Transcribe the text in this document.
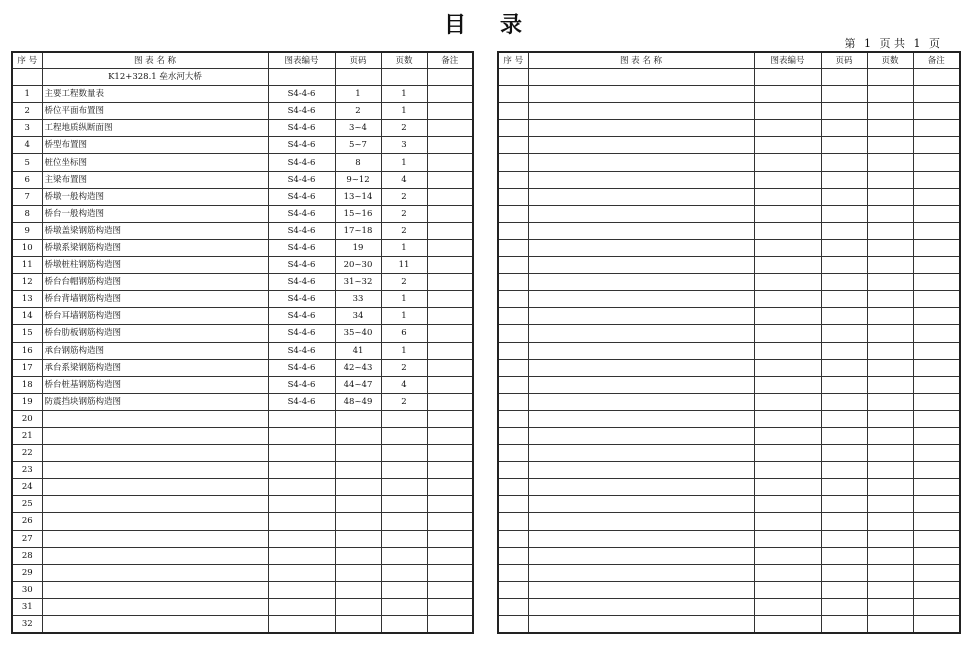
目 录
第 1 页 共 1 页
序 号	图 表 名 称	图表编号	页码	页数	备注
	K12+328.1 垒水河大桥				
1	主要工程数量表	S4-4-6	1	1	
2	桥位平面布置图	S4-4-6	2	1	
3	工程地质纵断面图	S4-4-6	3~4	2	
4	桥型布置图	S4-4-6	5~7	3	
5	桩位坐标图	S4-4-6	8	1	
6	主梁布置图	S4-4-6	9~12	4	
7	桥墩一般构造图	S4-4-6	13~14	2	
8	桥台一般构造图	S4-4-6	15~16	2	
9	桥墩盖梁钢筋构造图	S4-4-6	17~18	2	
10	桥墩系梁钢筋构造图	S4-4-6	19	1	
11	桥墩桩柱钢筋构造图	S4-4-6	20~30	11	
12	桥台台帽钢筋构造图	S4-4-6	31~32	2	
13	桥台背墙钢筋构造图	S4-4-6	33	1	
14	桥台耳墙钢筋构造图	S4-4-6	34	1	
15	桥台肋板钢筋构造图	S4-4-6	35~40	6	
16	承台钢筋构造图	S4-4-6	41	1	
17	承台系梁钢筋构造图	S4-4-6	42~43	2	
18	桥台桩基钢筋构造图	S4-4-6	44~47	4	
19	防震挡块钢筋构造图	S4-4-6	48~49	2	
20					
21					
22					
23					
24					
25					
26					
27					
28					
29					
30					
31					
32					
序 号	图 表 名 称	图表编号	页码	页数	备注
